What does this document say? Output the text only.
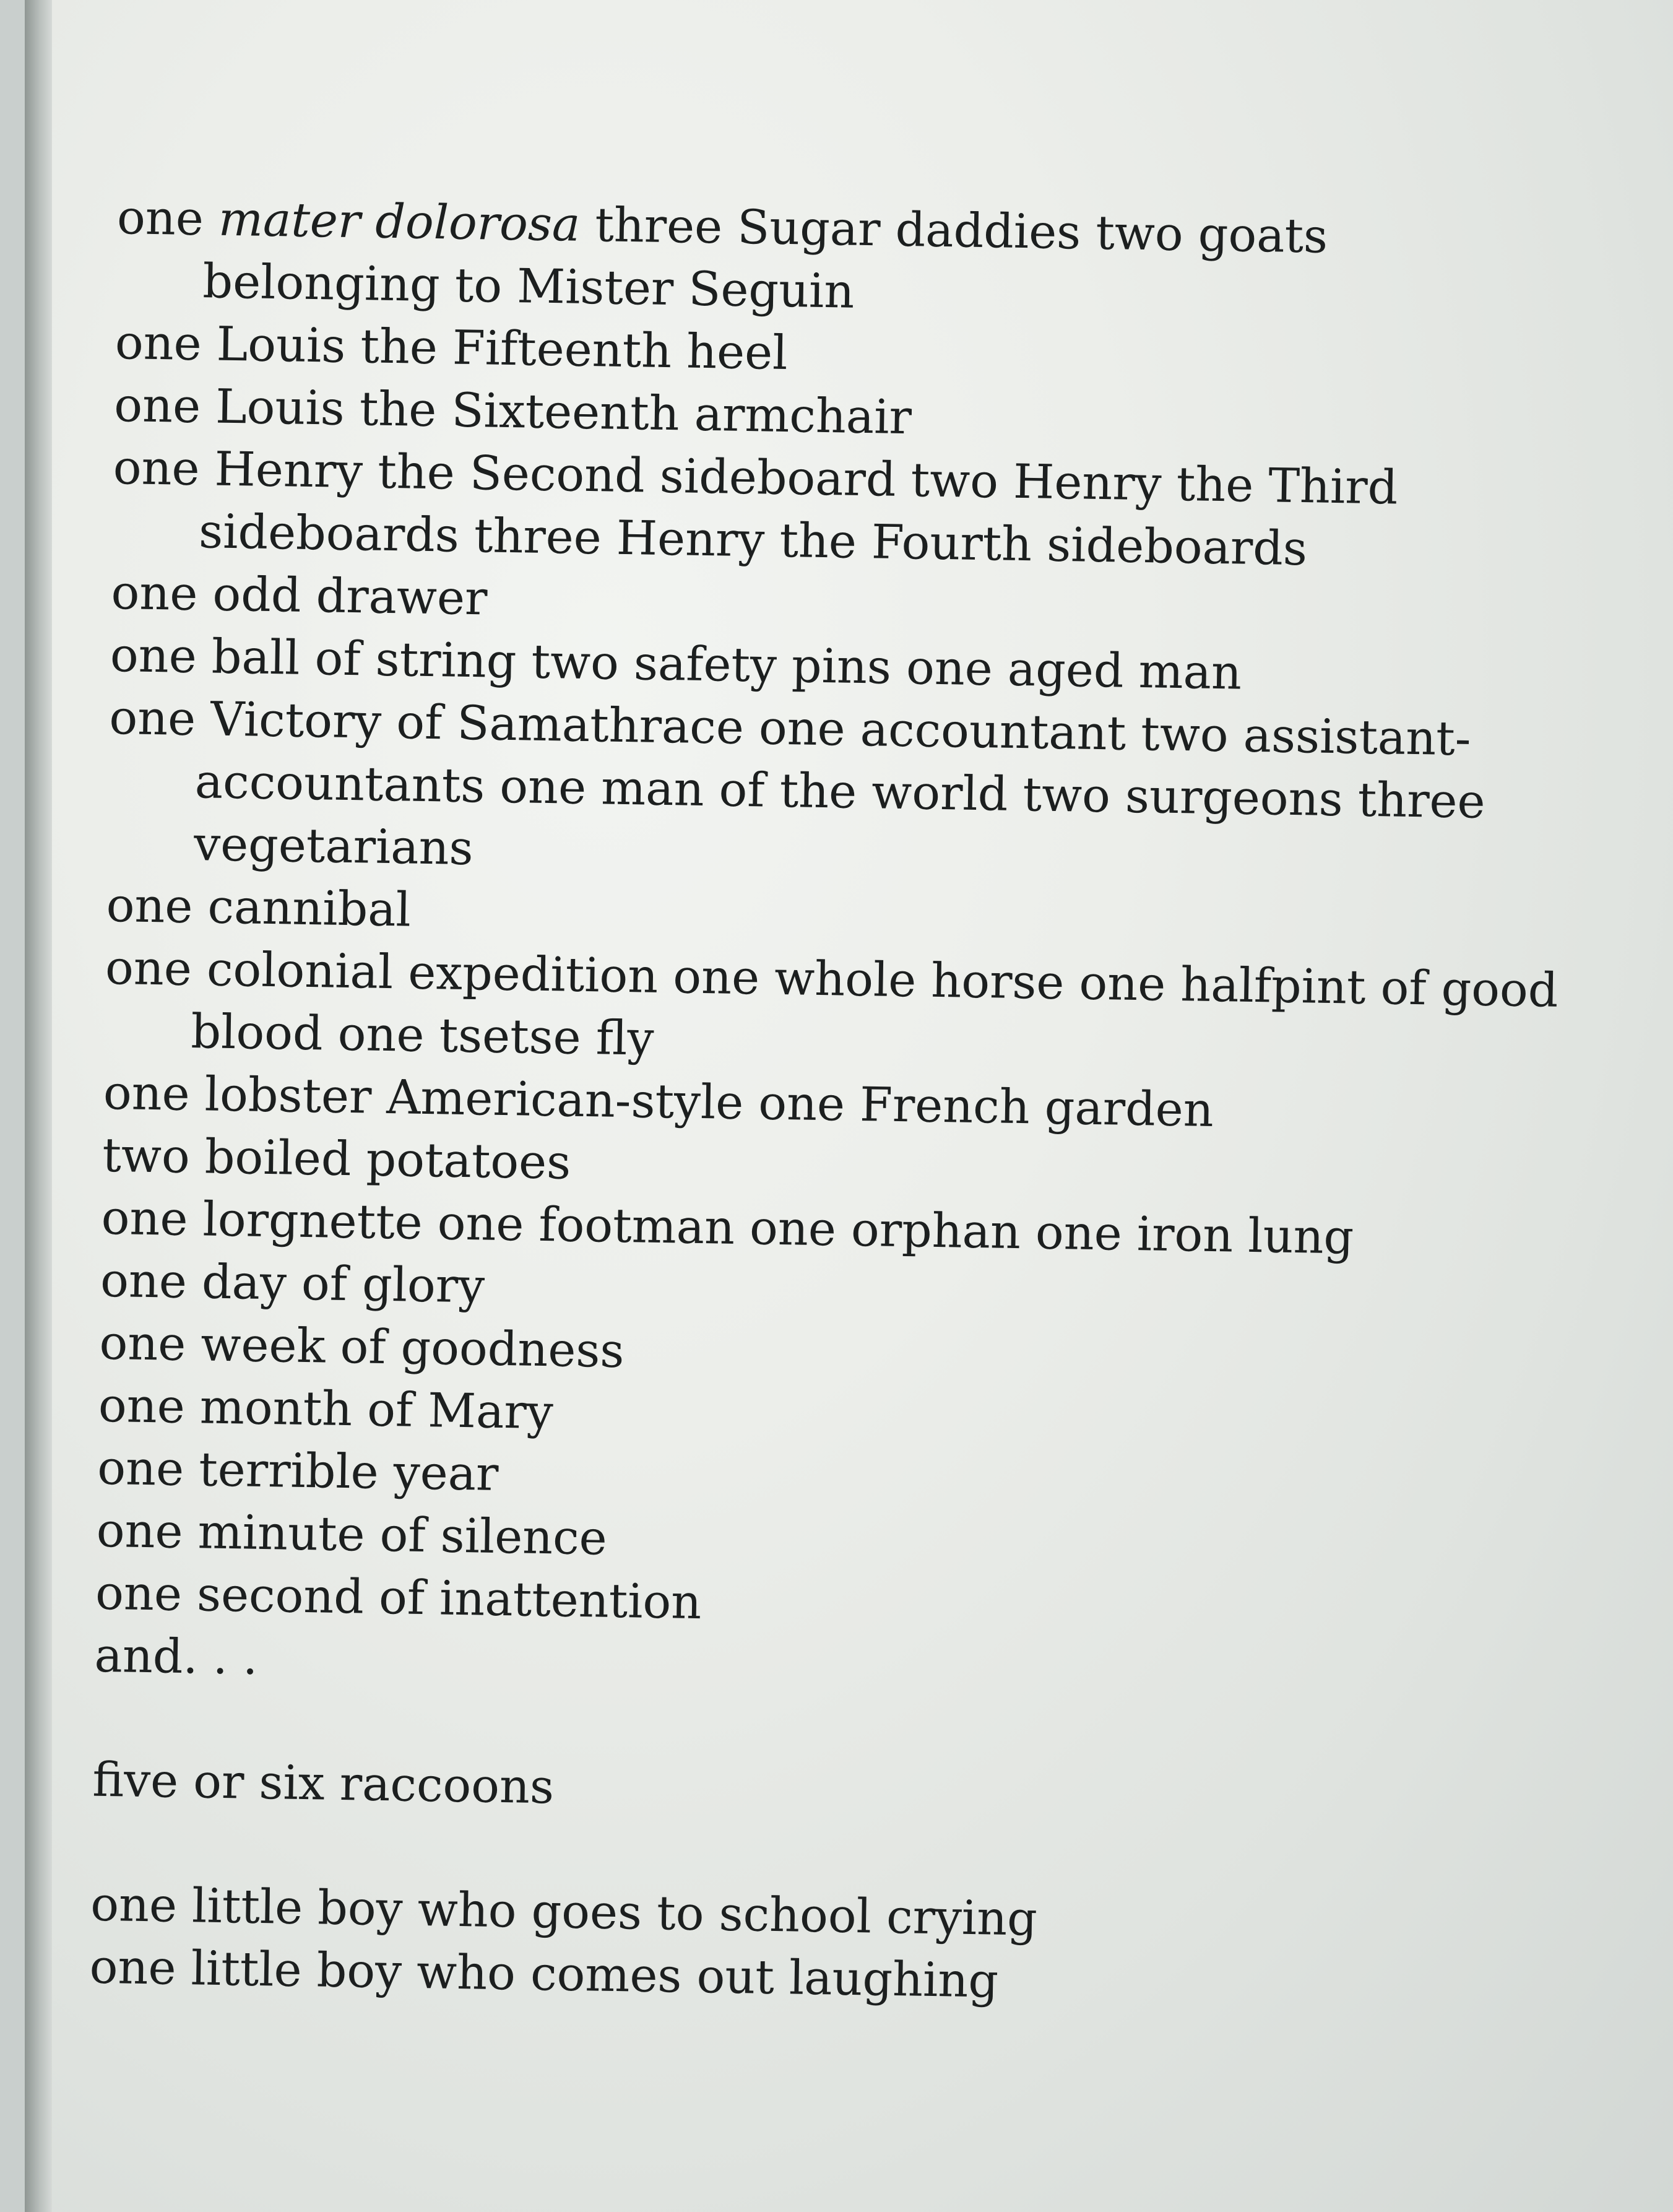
one mater dolorosa three Sugar daddies two goats belonging to Mister Seguin
one Louis the Fifteenth heel
one Louis the Sixteenth armchair
one Henry the Second sideboard two Henry the Third sideboards three Henry the Fourth sideboards
one odd drawer
one ball of string two safety pins one aged man
one Victory of Samathrace one accountant two assistant-accountants one man of the world two surgeons three vegetarians
one cannibal
one colonial expedition one whole horse one halfpint of good blood one tsetse fly
one lobster American-style one French garden
two boiled potatoes
one lorgnette one footman one orphan one iron lung
one day of glory
one week of goodness
one month of Mary
one terrible year
one minute of silence
one second of inattention
and. . .
five or six raccoons
one little boy who goes to school crying
one little boy who comes out laughing
